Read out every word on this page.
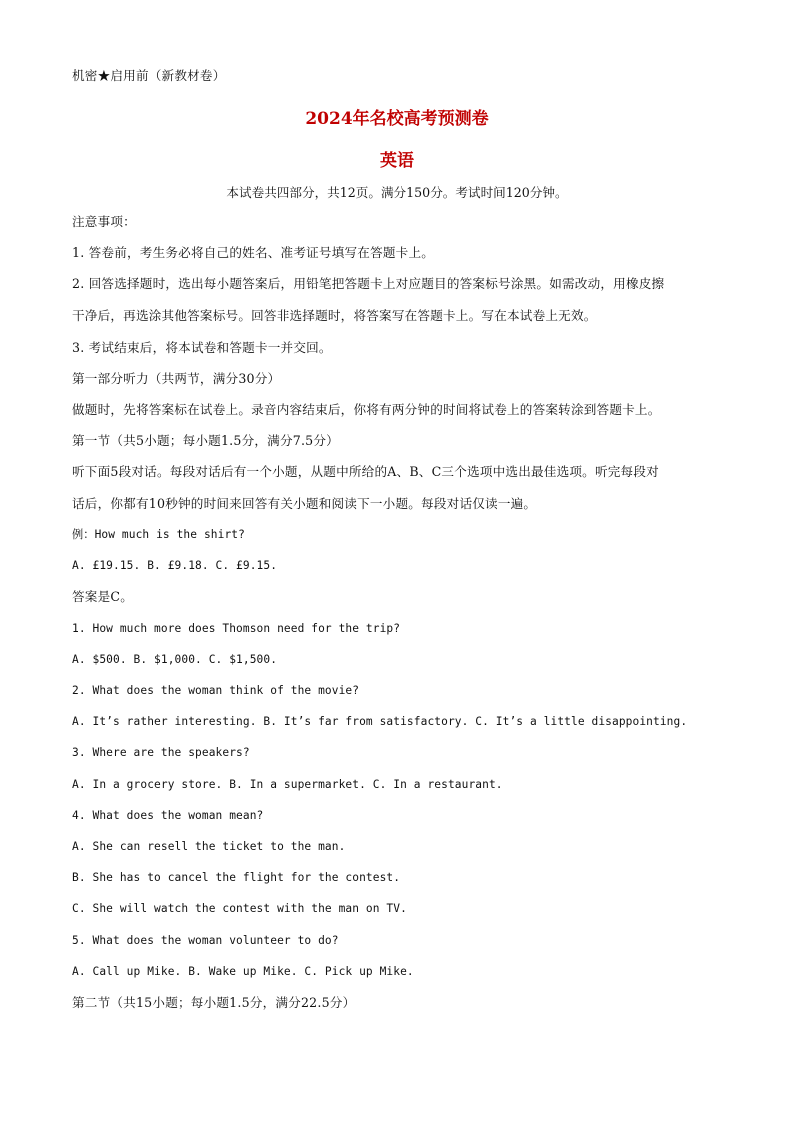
机密★启用前（新教材卷）
2024年名校高考预测卷
英语
本试卷共四部分，共12页。满分150分。考试时间120分钟。
注意事项：
1. 答卷前，考生务必将自己的姓名、准考证号填写在答题卡上。
2. 回答选择题时，选出每小题答案后，用铅笔把答题卡上对应题目的答案标号涂黑。如需改动，用橡皮擦
干净后，再选涂其他答案标号。回答非选择题时，将答案写在答题卡上。写在本试卷上无效。
3. 考试结束后，将本试卷和答题卡一并交回。
第一部分听力（共两节，满分30分）
做题时，先将答案标在试卷上。录音内容结束后，你将有两分钟的时间将试卷上的答案转涂到答题卡上。
第一节（共5小题；每小题1.5分，满分7.5分）
听下面5段对话。每段对话后有一个小题，从题中所给的A、B、C三个选项中选出最佳选项。听完每段对
话后，你都有10秒钟的时间来回答有关小题和阅读下一小题。每段对话仅读一遍。
例：How much is the shirt?
A. £19.15. B. £9.18. C. £9.15.
答案是C。
1. How much more does Thomson need for the trip?
A. $500. B. $1,000. C. $1,500.
2. What does the woman think of the movie?
A. It’s rather interesting. B. It’s far from satisfactory. C. It’s a little disappointing.
3. Where are the speakers?
A. In a grocery store. B. In a supermarket. C. In a restaurant.
4. What does the woman mean?
A. She can resell the ticket to the man.
B. She has to cancel the flight for the contest.
C. She will watch the contest with the man on TV.
5. What does the woman volunteer to do?
A. Call up Mike. B. Wake up Mike. C. Pick up Mike.
第二节（共15小题；每小题1.5分，满分22.5分）
